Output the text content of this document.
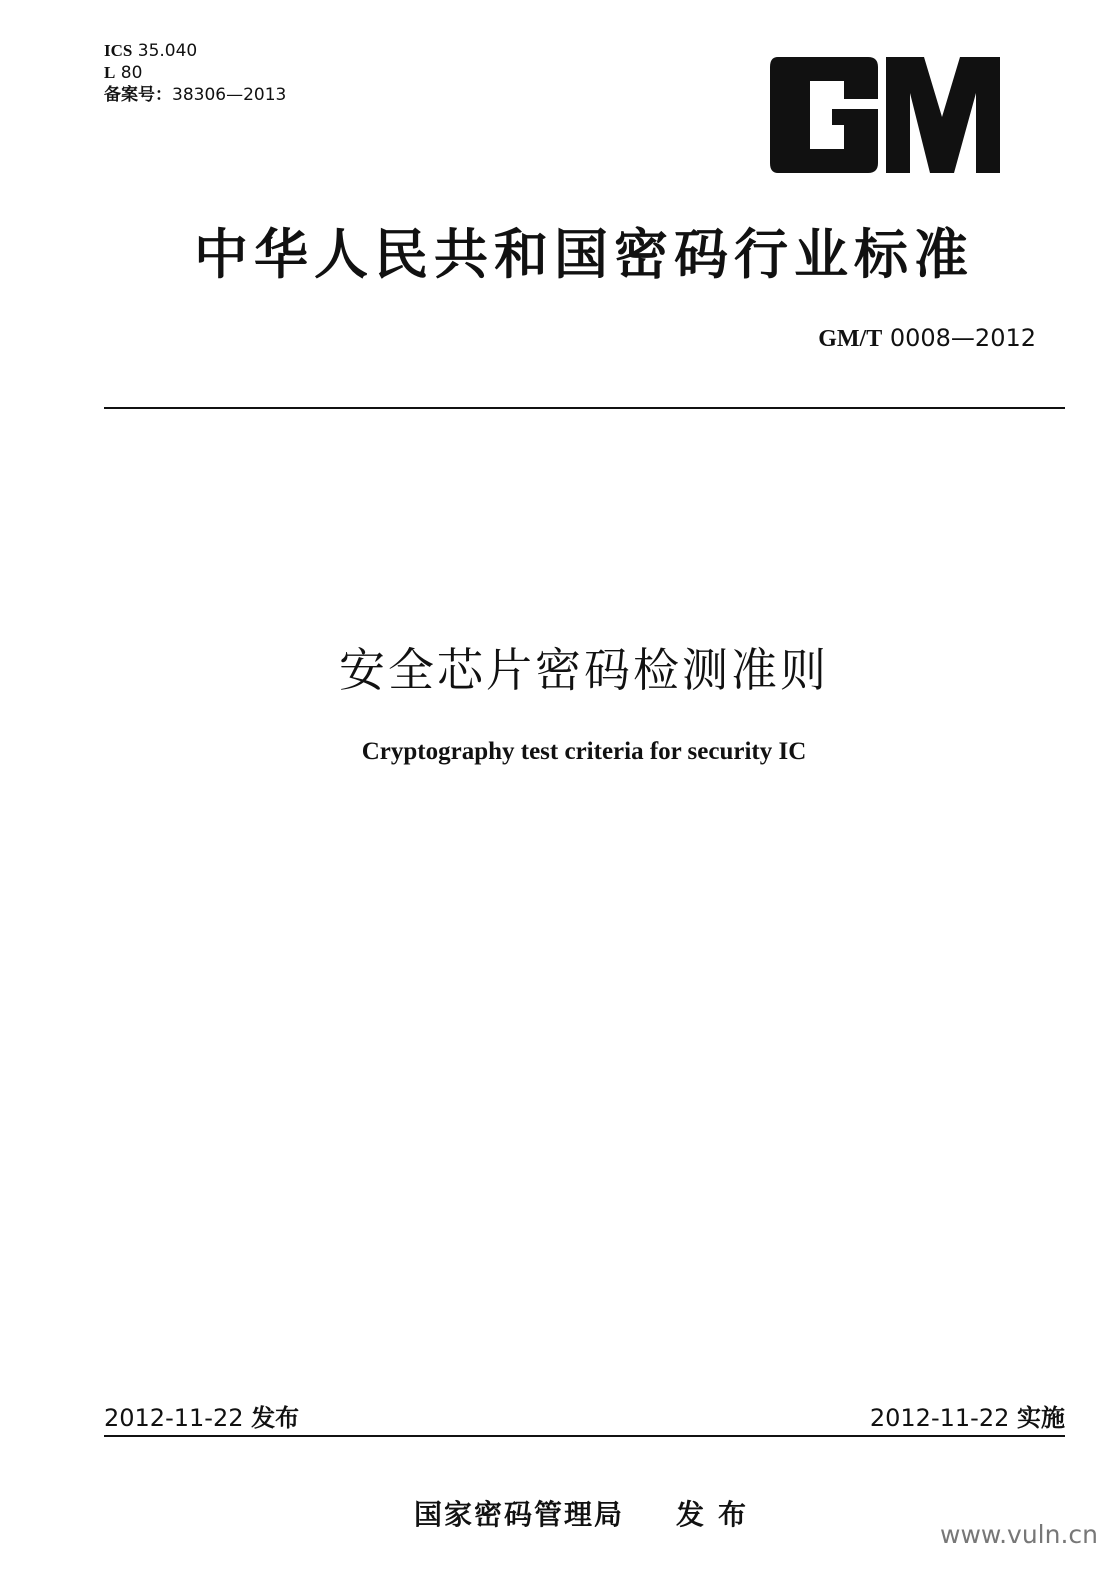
ICS 35.040
L 80
备案号：38306—2013
中华人民共和国密码行业标准
GM/T 0008—2012
安全芯片密码检测准则
Cryptography test criteria for security IC
2012-11-22 发布	2012-11-22 实施
国家密码管理局 发布
www.vuln.cn
